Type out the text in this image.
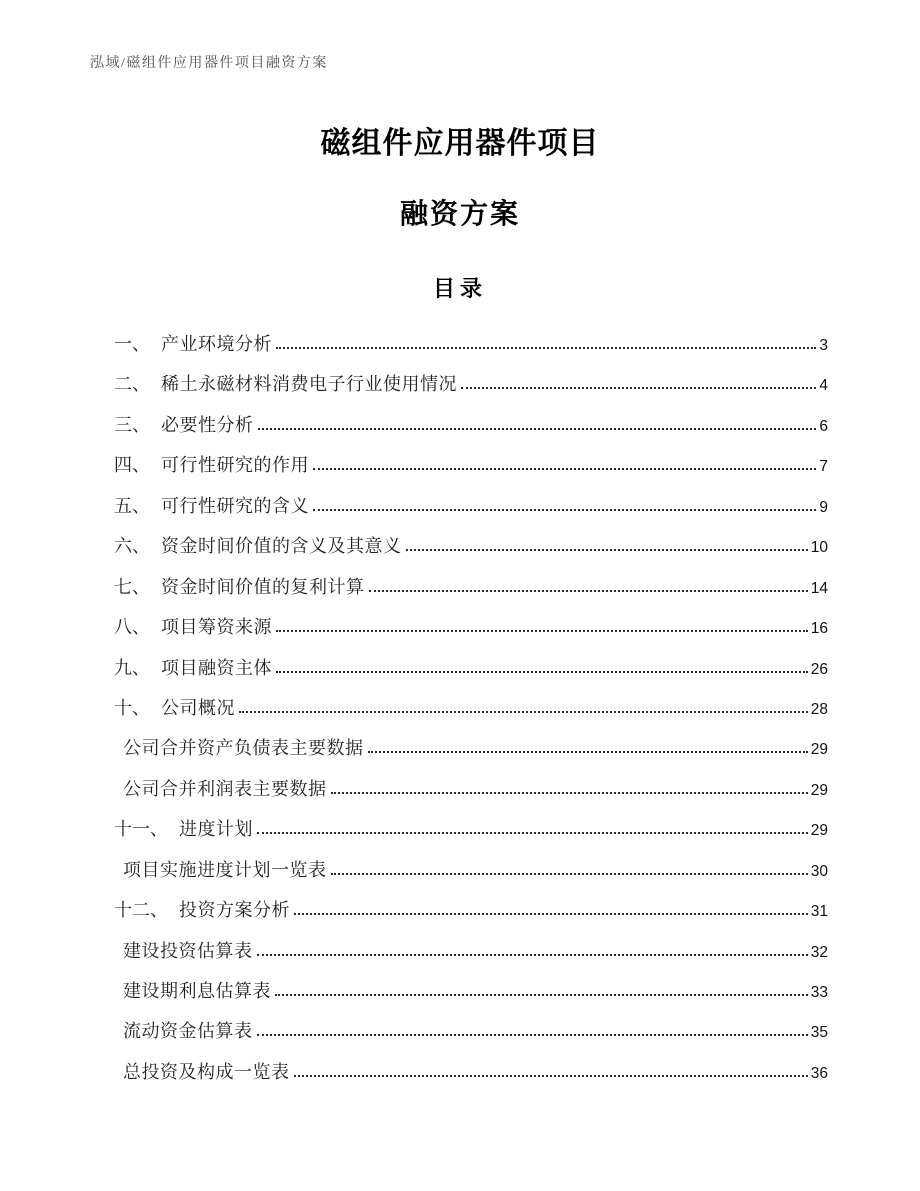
泓域/磁组件应用器件项目融资方案
磁组件应用器件项目
融资方案
目录
一、 产业环境分析	3
二、 稀土永磁材料消费电子行业使用情况	4
三、 必要性分析	6
四、 可行性研究的作用	7
五、 可行性研究的含义	9
六、 资金时间价值的含义及其意义	10
七、 资金时间价值的复利计算	14
八、 项目筹资来源	16
九、 项目融资主体	26
十、 公司概况	28
公司合并资产负债表主要数据	29
公司合并利润表主要数据	29
十一、 进度计划	29
项目实施进度计划一览表	30
十二、 投资方案分析	31
建设投资估算表	32
建设期利息估算表	33
流动资金估算表	35
总投资及构成一览表	36
